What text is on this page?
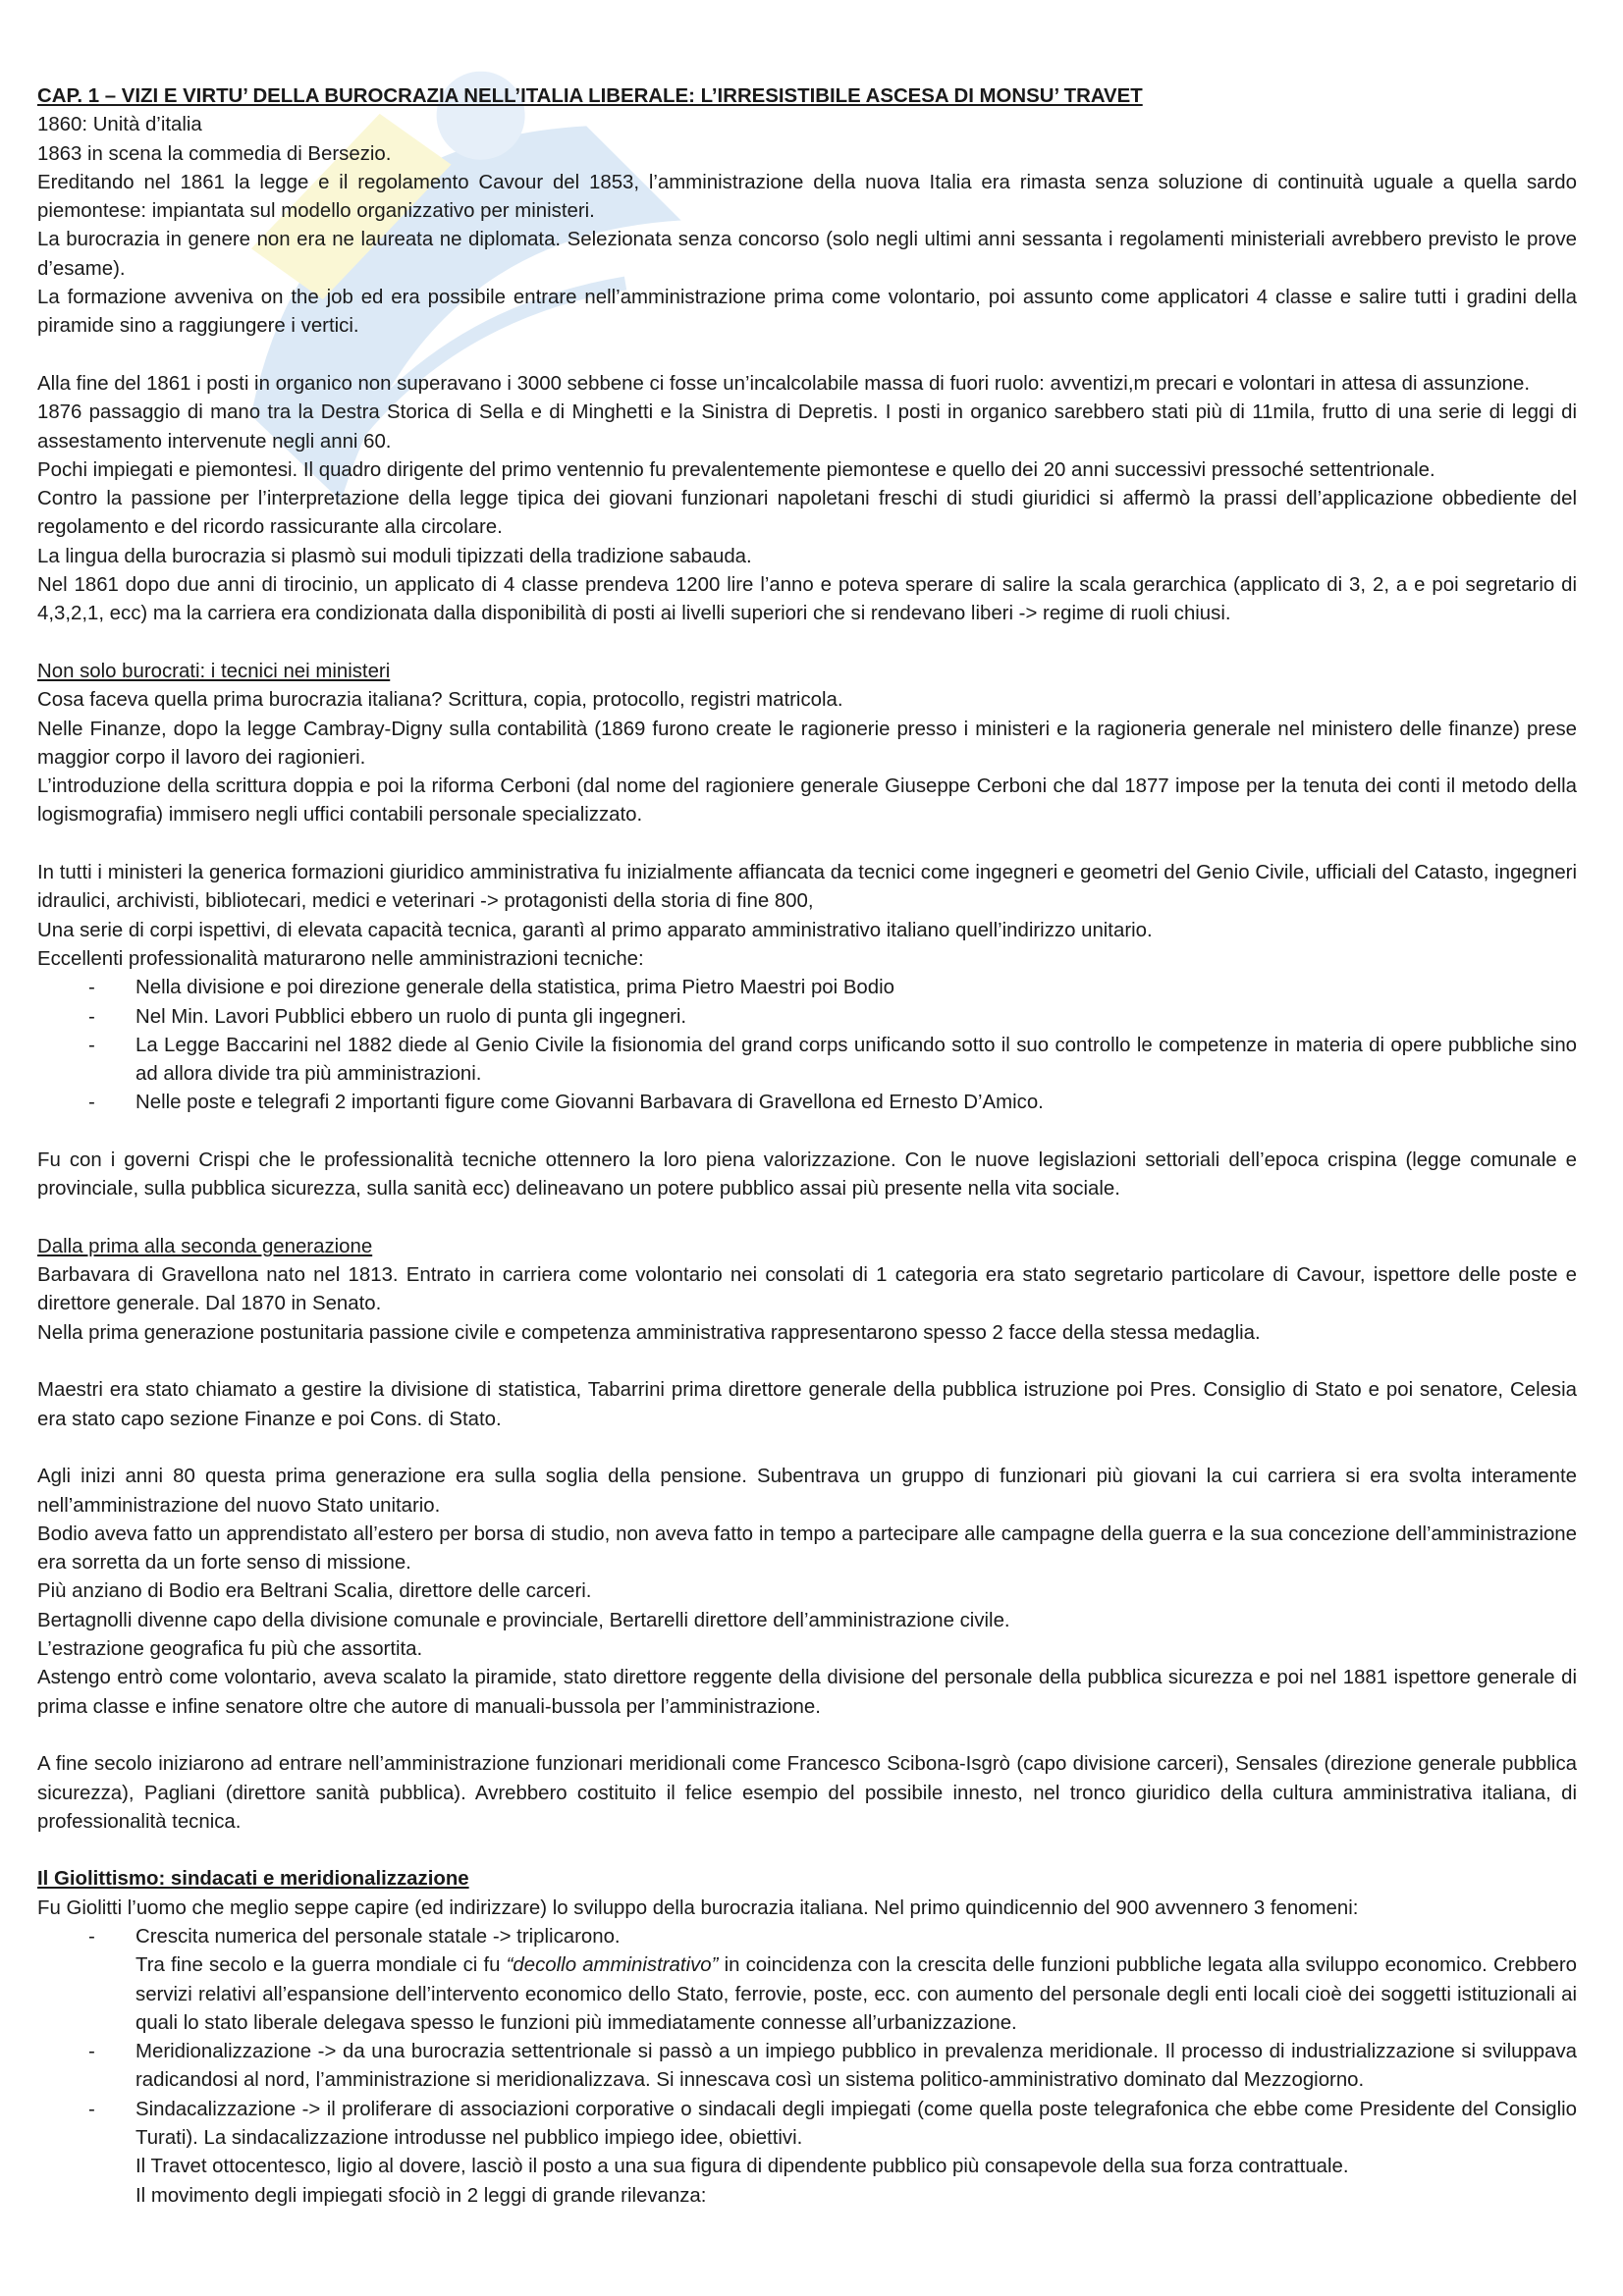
CAP. 1 – VIZI E VIRTU’ DELLA BUROCRAZIA NELL’ITALIA LIBERALE: L’IRRESISTIBILE ASCESA DI MONSU’ TRAVET

1860: Unità d’italia

1863 in scena la commedia di Bersezio.

Ereditando nel 1861 la legge e il regolamento Cavour del 1853, l’amministrazione della nuova Italia era rimasta senza soluzione di continuità uguale a quella sardo piemontese: impiantata sul modello organizzativo per ministeri.

La burocrazia in genere non era ne laureata ne diplomata. Selezionata senza concorso (solo negli ultimi anni sessanta i regolamenti ministeriali avrebbero previsto le prove d’esame).

La formazione avveniva on the job ed era possibile entrare nell’amministrazione prima come volontario, poi assunto come applicatori 4 classe e salire tutti i gradini della piramide sino a raggiungere i vertici.

Alla fine del 1861 i posti in organico non superavano i 3000 sebbene ci fosse un’incalcolabile massa di fuori ruolo: avventizi,m precari e volontari in attesa di assunzione.

1876 passaggio di mano tra la Destra Storica di Sella e di Minghetti e la Sinistra di Depretis. I posti in organico sarebbero stati più di 11mila, frutto di una serie di leggi di assestamento intervenute negli anni 60.

Pochi impiegati e piemontesi. Il quadro dirigente del primo ventennio fu prevalentemente piemontese e quello dei 20 anni successivi pressoché settentrionale.

Contro la passione per l’interpretazione della legge tipica dei giovani funzionari napoletani freschi di studi giuridici si affermò la prassi dell’applicazione obbediente del regolamento e del ricordo rassicurante alla circolare.

La lingua della burocrazia si plasmò sui moduli tipizzati della tradizione sabauda.

Nel 1861 dopo due anni di tirocinio, un applicato di 4 classe prendeva 1200 lire l’anno e poteva sperare di salire la scala gerarchica (applicato di 3, 2, a e poi segretario di 4,3,2,1, ecc) ma la carriera era condizionata dalla disponibilità di posti ai livelli superiori che si rendevano liberi -> regime di ruoli chiusi.

Non solo burocrati: i tecnici nei ministeri

Cosa faceva quella prima burocrazia italiana? Scrittura, copia, protocollo, registri matricola.

Nelle Finanze, dopo la legge Cambray-Digny sulla contabilità (1869 furono create le ragionerie presso i ministeri e la ragioneria generale nel ministero delle finanze) prese maggior corpo il lavoro dei ragionieri.

L’introduzione della scrittura doppia e poi la riforma Cerboni (dal nome del ragioniere generale Giuseppe Cerboni che dal 1877 impose per la tenuta dei conti il metodo della logismografia) immisero negli uffici contabili personale specializzato.

In tutti i ministeri la generica formazioni giuridico amministrativa fu inizialmente affiancata da tecnici come ingegneri e geometri del Genio Civile, ufficiali del Catasto, ingegneri idraulici, archivisti, bibliotecari, medici e veterinari -> protagonisti della storia di fine 800,

Una serie di corpi ispettivi, di elevata capacità tecnica, garantì al primo apparato amministrativo italiano quell’indirizzo unitario.

Eccellenti professionalità maturarono nelle amministrazioni tecniche:

- Nella divisione e poi direzione generale della statistica, prima Pietro Maestri poi Bodio
- Nel Min. Lavori Pubblici ebbero un ruolo di punta gli ingegneri.
- La Legge Baccarini nel 1882 diede al Genio Civile la fisionomia del grand corps unificando sotto il suo controllo le competenze in materia di opere pubbliche sino ad allora divide tra più amministrazioni.
- Nelle poste e telegrafi 2 importanti figure come Giovanni Barbavara di Gravellona ed Ernesto D’Amico.

Fu con i governi Crispi che le professionalità tecniche ottennero la loro piena valorizzazione. Con le nuove legislazioni settoriali dell’epoca crispina (legge comunale e provinciale, sulla pubblica sicurezza, sulla sanità ecc) delineavano un potere pubblico assai più presente nella vita sociale.

Dalla prima alla seconda generazione

Barbavara di Gravellona nato nel 1813. Entrato in carriera come volontario nei consolati di 1 categoria era stato segretario particolare di Cavour, ispettore delle poste e direttore generale. Dal 1870 in Senato.

Nella prima generazione postunitaria passione civile e competenza amministrativa rappresentarono spesso 2 facce della stessa medaglia.

Maestri era stato chiamato a gestire la divisione di statistica, Tabarrini prima direttore generale della pubblica istruzione poi Pres. Consiglio di Stato e poi senatore, Celesia era stato capo sezione Finanze e poi Cons. di Stato.

Agli inizi anni 80 questa prima generazione era sulla soglia della pensione. Subentrava un gruppo di funzionari più giovani la cui carriera si era svolta interamente nell’amministrazione del nuovo Stato unitario.

Bodio aveva fatto un apprendistato all’estero per borsa di studio, non aveva fatto in tempo a partecipare alle campagne della guerra e la sua concezione dell’amministrazione era sorretta da un forte senso di missione.

Più anziano di Bodio era Beltrani Scalia, direttore delle carceri.

Bertagnolli divenne capo della divisione comunale e provinciale, Bertarelli direttore dell’amministrazione civile.

L’estrazione geografica fu più che assortita.

Astengo entrò come volontario, aveva scalato la piramide, stato direttore reggente della divisione del personale della pubblica sicurezza e poi nel 1881 ispettore generale di prima classe e infine senatore oltre che autore di manuali-bussola per l’amministrazione.

A fine secolo iniziarono ad entrare nell’amministrazione funzionari meridionali come Francesco Scibona-Isgrò (capo divisione carceri), Sensales (direzione generale pubblica sicurezza), Pagliani (direttore sanità pubblica). Avrebbero costituito il felice esempio del possibile innesto, nel tronco giuridico della cultura amministrativa italiana, di professionalità tecnica.

Il Giolittismo: sindacati e meridionalizzazione

Fu Giolitti l’uomo che meglio seppe capire (ed indirizzare) lo sviluppo della burocrazia italiana. Nel primo quindicennio del 900 avvennero 3 fenomeni:

- Crescita numerica del personale statale -> triplicarono.
Tra fine secolo e la guerra mondiale ci fu “decollo amministrativo” in coincidenza con la crescita delle funzioni pubbliche legata alla sviluppo economico. Crebbero servizi relativi all’espansione dell’intervento economico dello Stato, ferrovie, poste, ecc. con aumento del personale degli enti locali cioè dei soggetti istituzionali ai quali lo stato liberale delegava spesso le funzioni più immediatamente connesse all’urbanizzazione.
- Meridionalizzazione -> da una burocrazia settentrionale si passò a un impiego pubblico in prevalenza meridionale. Il processo di industrializzazione si sviluppava radicandosi al nord, l’amministrazione si meridionalizzava. Si innescava così un sistema politico-amministrativo dominato dal Mezzogiorno.
- Sindacalizzazione -> il proliferare di associazioni corporative o sindacali degli impiegati (come quella poste telegrafonica che ebbe come Presidente del Consiglio Turati). La sindacalizzazione introdusse nel pubblico impiego idee, obiettivi.
Il Travet ottocentesco, ligio al dovere, lasciò il posto a una sua figura di dipendente pubblico più consapevole della sua forza contrattuale.
Il movimento degli impiegati sfociò in 2 leggi di grande rilevanza:
